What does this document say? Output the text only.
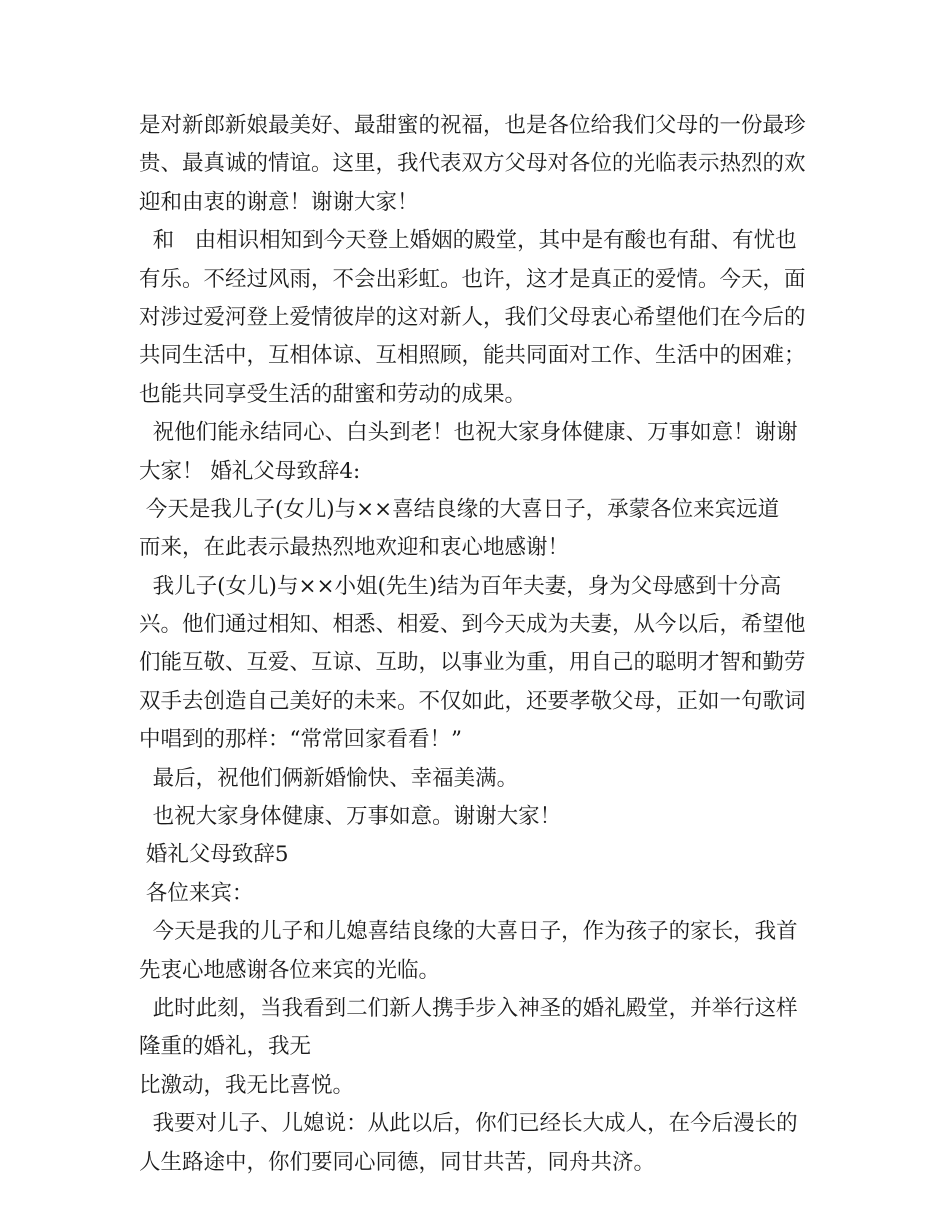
是对新郎新娘最美好、最甜蜜的祝福，也是各位给我们父母的一份最珍
贵、最真诚的情谊。这里，我代表双方父母对各位的光临表示热烈的欢
迎和由衷的谢意！谢谢大家！
和   由相识相知到今天登上婚姻的殿堂，其中是有酸也有甜、有忧也
有乐。不经过风雨，不会出彩虹。也许，这才是真正的爱情。今天，面
对涉过爱河登上爱情彼岸的这对新人，我们父母衷心希望他们在今后的
共同生活中，互相体谅、互相照顾，能共同面对工作、生活中的困难；
也能共同享受生活的甜蜜和劳动的成果。
祝他们能永结同心、白头到老！也祝大家身体健康、万事如意！谢谢
大家！ 婚礼父母致辞4:
今天是我儿子(女儿)与××喜结良缘的大喜日子，承蒙各位来宾远道
而来，在此表示最热烈地欢迎和衷心地感谢！
我儿子(女儿)与××小姐(先生)结为百年夫妻，身为父母感到十分高
兴。他们通过相知、相悉、相爱、到今天成为夫妻，从今以后，希望他
们能互敬、互爱、互谅、互助，以事业为重，用自己的聪明才智和勤劳
双手去创造自己美好的未来。不仅如此，还要孝敬父母，正如一句歌词
中唱到的那样：“常常回家看看！”
最后，祝他们俩新婚愉快、幸福美满。
也祝大家身体健康、万事如意。谢谢大家！
婚礼父母致辞5
各位来宾：
今天是我的儿子和儿媳喜结良缘的大喜日子，作为孩子的家长，我首
先衷心地感谢各位来宾的光临。
此时此刻，当我看到二们新人携手步入神圣的婚礼殿堂，并举行这样
隆重的婚礼，我无
比激动，我无比喜悦。
我要对儿子、儿媳说：从此以后，你们已经长大成人，在今后漫长的
人生路途中，你们要同心同德，同甘共苦，同舟共济。
